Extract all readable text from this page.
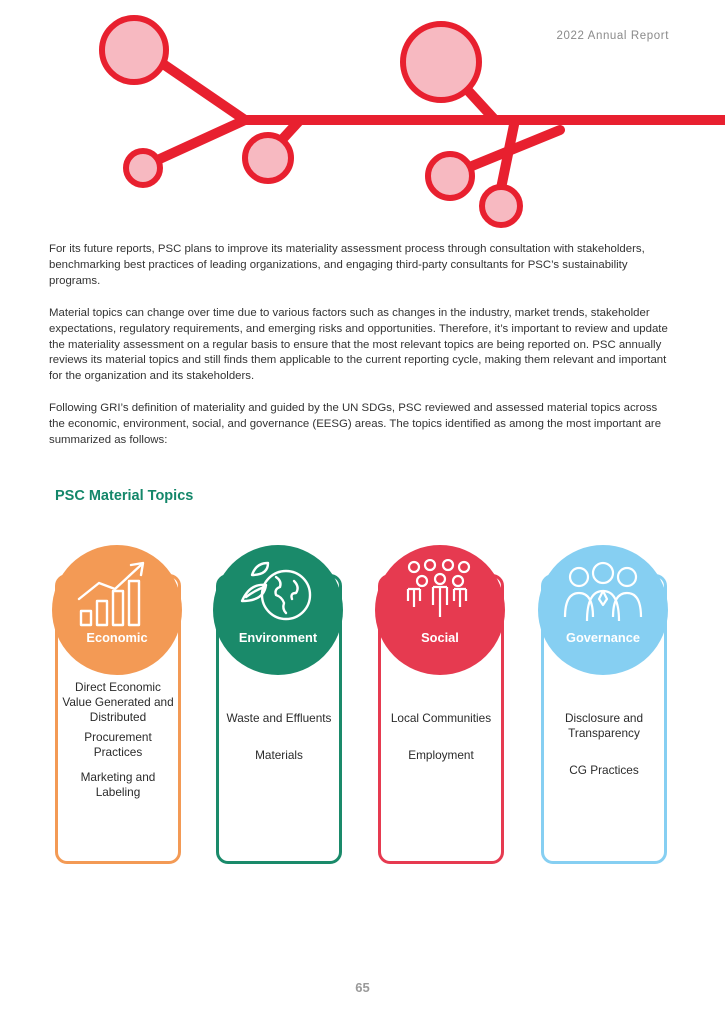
2022 Annual Report

For its future reports, PSC plans to improve its materiality assessment process through consultation with stakeholders, benchmarking best practices of leading organizations, and engaging third-party consultants for PSC’s sustainability programs.

Material topics can change over time due to various factors such as changes in the industry, market trends, stakeholder expectations, regulatory requirements, and emerging risks and opportunities. Therefore, it’s important to review and update the materiality assessment on a regular basis to ensure that the most relevant topics are being reported on. PSC annually reviews its material topics and still finds them applicable to the current reporting cycle, making them relevant and important for the organization and its stakeholders.

Following GRI’s definition of materiality and guided by the UN SDGs, PSC reviewed and assessed material topics across the economic, environment, social, and governance (EESG) areas. The topics identified as among the most important are summarized as follows:

PSC Material Topics
Economic
Direct Economic Value Generated and Distributed
Procurement Practices
Marketing and Labeling
Environment
Waste and Effluents
Materials
Social
Local Communities
Employment
Governance
Disclosure and Transparency
CG Practices
65
